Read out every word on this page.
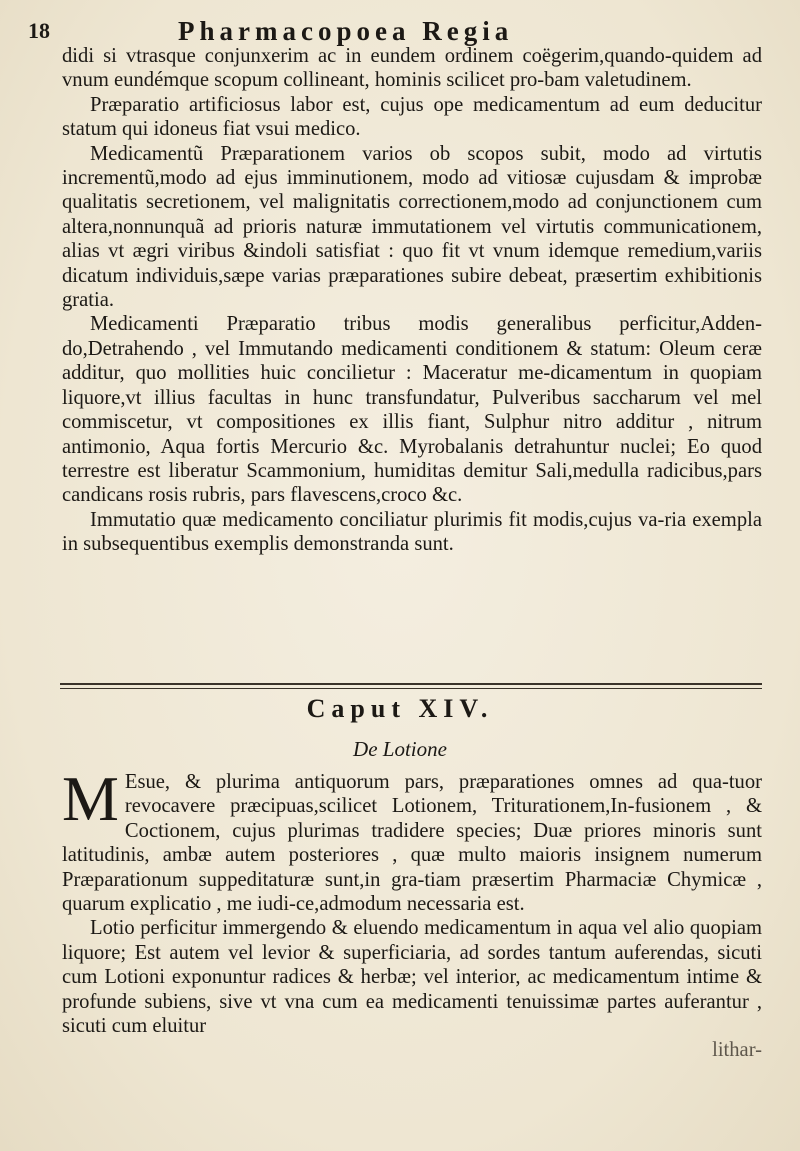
18	Pharmacopoea Regia

didi si vtrasque conjunxerim ac in eundem ordinem coëgerim,quando-quidem ad vnum eundémque scopum collineant, hominis scilicet pro-bam valetudinem.

Præparatio artificiosus labor est, cujus ope medicamentum ad eum deducitur statum qui idoneus fiat vsui medico.

Medicamentũ Præparationem varios ob scopos subit, modo ad virtutis incrementũ,modo ad ejus imminutionem, modo ad vitiosæ cujusdam & improbæ qualitatis secretionem, vel malignitatis correctionem,modo ad conjunctionem cum altera,nonnunquã ad prioris naturæ immutationem vel virtutis communicationem, alias vt ægri viribus &indoli satisfiat : quo fit vt vnum idemque remedium,variis dicatum individuis,sæpe varias præparationes subire debeat, præsertim exhibitionis gratia.

Medicamenti Præparatio tribus modis generalibus perficitur,Adden-do,Detrahendo , vel Immutando medicamenti conditionem & statum: Oleum ceræ additur, quo mollities huic concilietur : Maceratur me-dicamentum in quopiam liquore,vt illius facultas in hunc transfundatur, Pulveribus saccharum vel mel commiscetur, vt compositiones ex illis fiant, Sulphur nitro additur , nitrum antimonio, Aqua fortis Mercurio &c. Myrobalanis detrahuntur nuclei; Eo quod terrestre est liberatur Scammonium, humiditas demitur Sali,medulla radicibus,pars candicans rosis rubris, pars flavescens,croco &c.

Immutatio quæ medicamento conciliatur plurimis fit modis,cujus va-ria exempla in subsequentibus exemplis demonstranda sunt.

Caput XIV.
De Lotione

M Esue, & plurima antiquorum pars, præparationes omnes ad qua-tuor revocavere præcipuas,scilicet Lotionem, Triturationem,In-fusionem , & Coctionem, cujus plurimas tradidere species; Duæ priores minoris sunt latitudinis, ambæ autem posteriores , quæ multo maioris insignem numerum Præparationum suppeditaturæ sunt,in gra-tiam præsertim Pharmaciæ Chymicæ , quarum explicatio , me iudi-ce,admodum necessaria est.

Lotio perficitur immergendo & eluendo medicamentum in aqua vel alio quopiam liquore; Est autem vel levior & superficiaria, ad sordes tantum auferendas, sicuti cum Lotioni exponuntur radices & herbæ; vel interior, ac medicamentum intime & profunde subiens, sive vt vna cum ea medicamenti tenuissimæ partes auferantur , sicuti cum eluitur

lithar-
